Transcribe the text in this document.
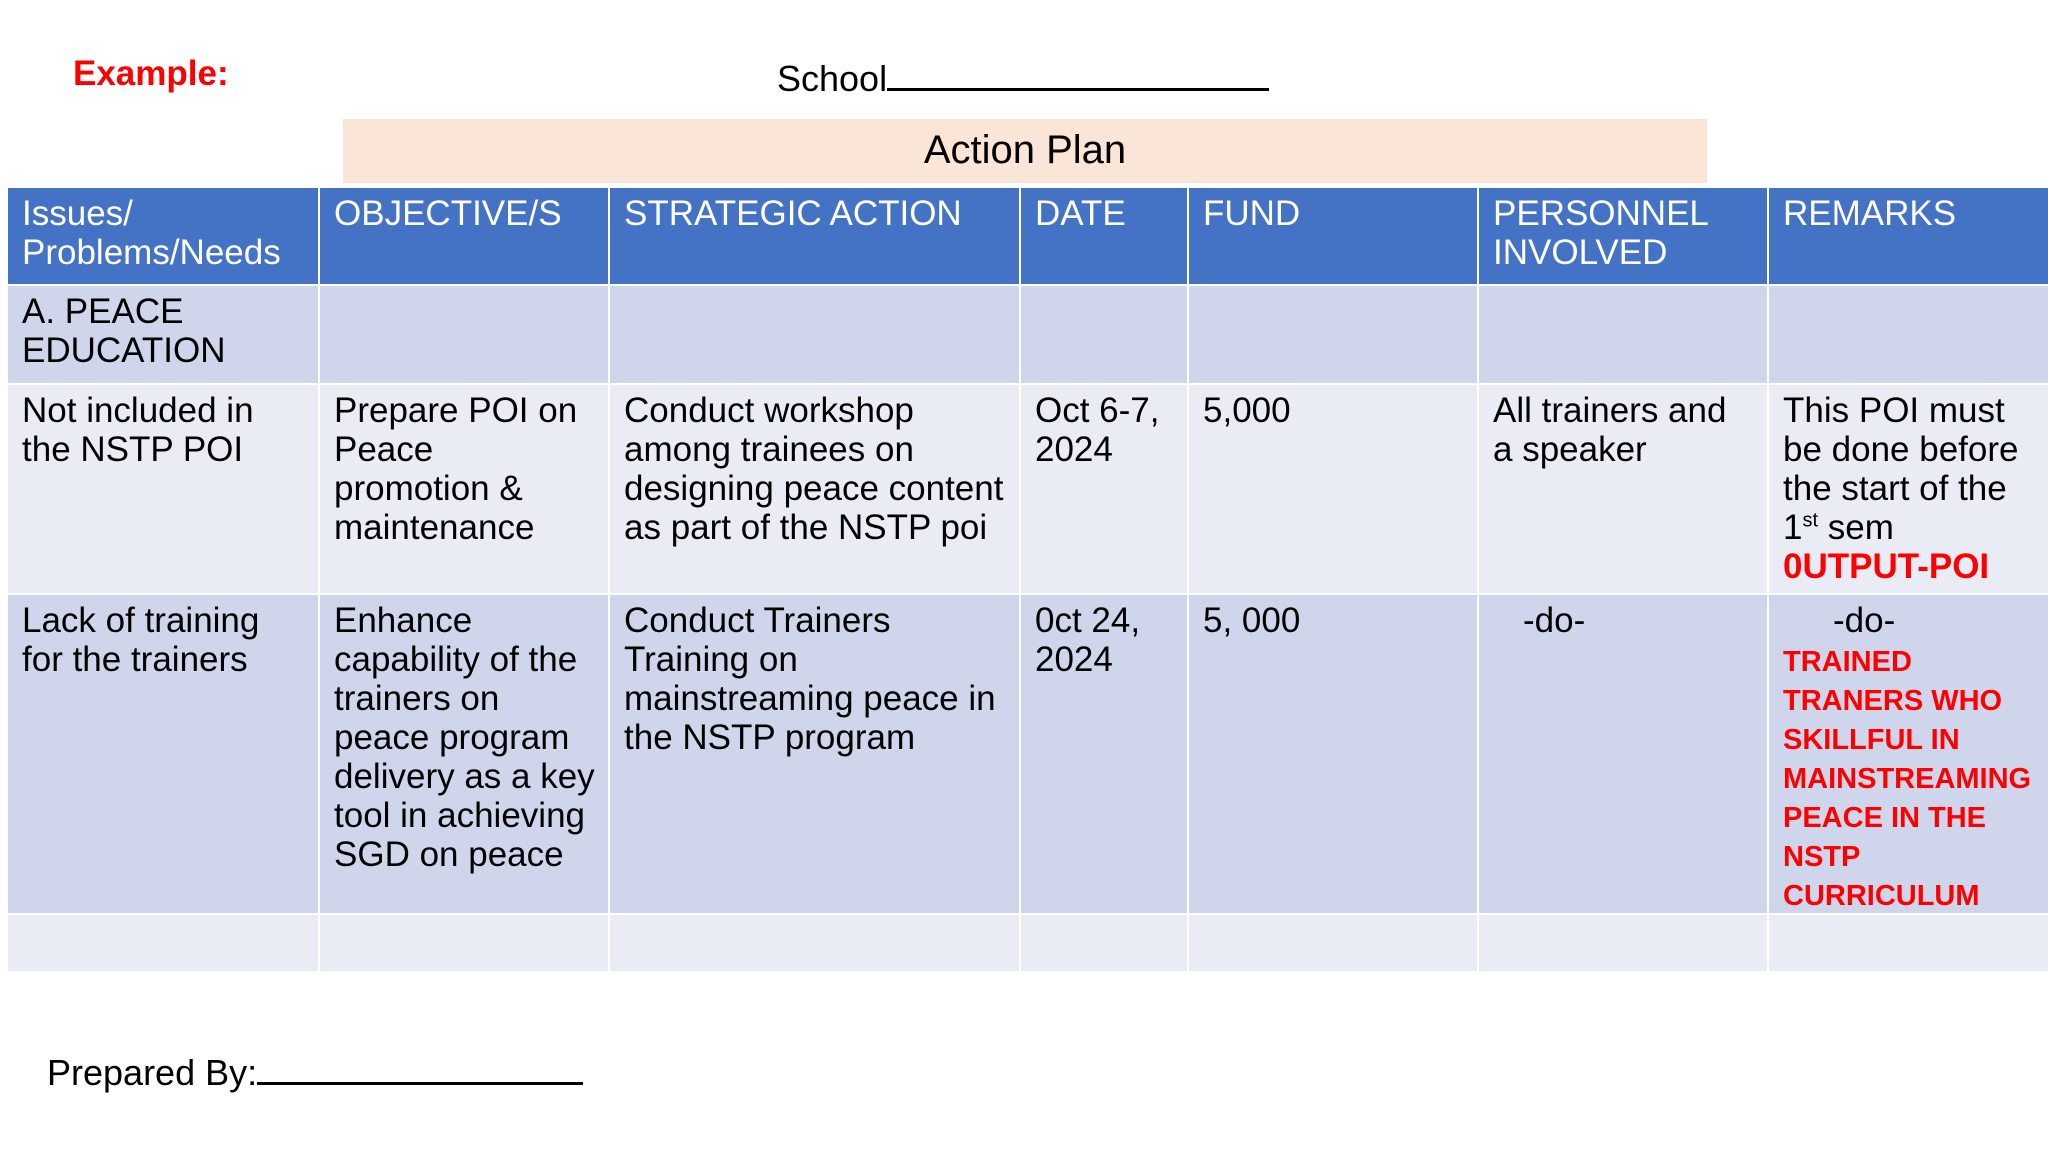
Example:	School
Action Plan
Issues/ Problems/Needs	OBJECTIVE/S	STRATEGIC ACTION	DATE	FUND	PERSONNEL INVOLVED	REMARKS
A. PEACE EDUCATION						
Not included in the NSTP POI	Prepare POI on Peace promotion & maintenance	Conduct workshop among trainees on designing peace content as part of the NSTP poi	Oct 6-7, 2024	5,000	All trainers and a speaker	This POI must be done before the start of the 1st sem
0UTPUT-POI
Lack of training for the trainers	Enhance capability of the trainers on peace program delivery as a key tool in achieving SGD on peace	Conduct Trainers Training on mainstreaming peace in the NSTP program	0ct 24, 2024	5, 000	-do-	-do-
TRAINED TRANERS WHO SKILLFUL IN MAINSTREAMING PEACE IN THE NSTP CURRICULUM

Prepared By:
